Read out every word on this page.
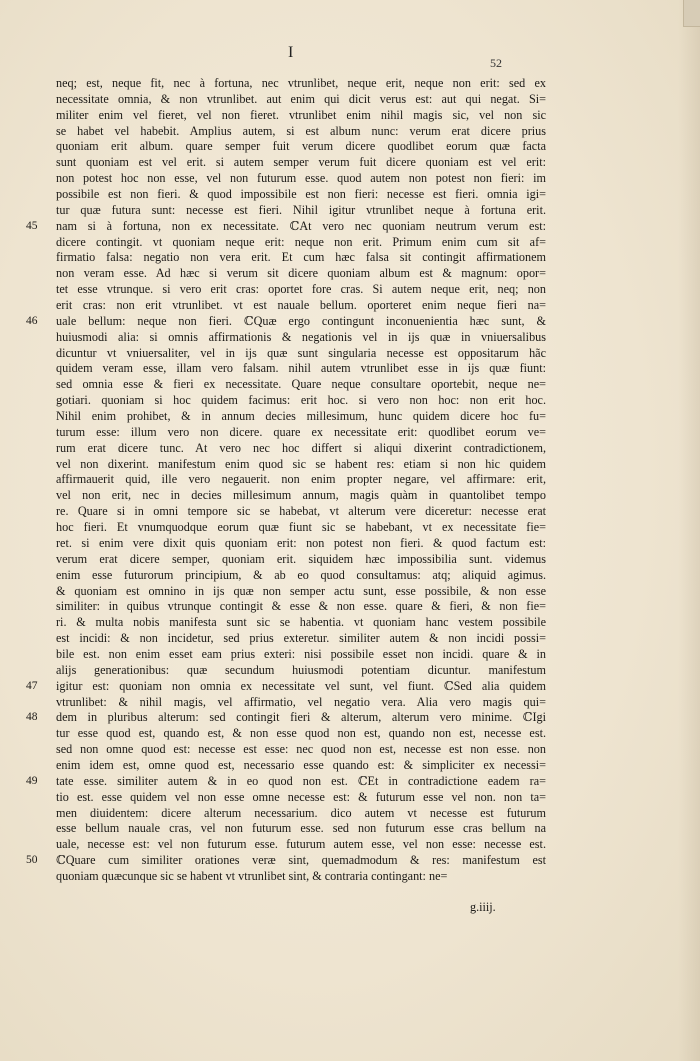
I
52
neq; est, neque fit, nec à fortuna, nec vtrunlibet, neque erit, neque non erit: sed ex
necessitate omnia, & non vtrunlibet. aut enim qui dicit verus est: aut qui negat. Si=
militer enim vel fieret, vel non fieret. vtrunlibet enim nihil magis sic, vel non sic
se habet vel habebit. Amplius autem, si est album nunc: verum erat dicere prius
quoniam erit album. quare semper fuit verum dicere quodlibet eorum quæ facta
sunt quoniam est vel erit. si autem semper verum fuit dicere quoniam est vel erit:
non potest hoc non esse, vel non futurum esse. quod autem non potest non fieri: im
possibile est non fieri. & quod impossibile est non fieri: necesse est fieri. omnia igi=
tur quæ futura sunt: necesse est fieri. Nihil igitur vtrunlibet neque à fortuna erit.
45	nam si à fortuna, non ex necessitate. ℂAt vero nec quoniam neutrum verum est:
dicere contingit. vt quoniam neque erit: neque non erit. Primum enim cum sit af=
firmatio falsa: negatio non vera erit. Et cum hæc falsa sit contingit affirmationem
non veram esse. Ad hæc si verum sit dicere quoniam album est & magnum: opor=
tet esse vtrunque. si vero erit cras: oportet fore cras. Si autem neque erit, neq; non
erit cras: non erit vtrunlibet. vt est nauale bellum. oporteret enim neque fieri na=
46	uale bellum: neque non fieri. ℂQuæ ergo contingunt inconuenientia hæc sunt, &
huiusmodi alia: si omnis affirmationis & negationis vel in ijs quæ in vniuersalibus
dicuntur vt vniuersaliter, vel in ijs quæ sunt singularia necesse est oppositarum hãc
quidem veram esse, illam vero falsam. nihil autem vtrunlibet esse in ijs quæ fiunt:
sed omnia esse & fieri ex necessitate. Quare neque consultare oportebit, neque ne=
gotiari. quoniam si hoc quidem facimus: erit hoc. si vero non hoc: non erit hoc.
Nihil enim prohibet, & in annum decies millesimum, hunc quidem dicere hoc fu=
turum esse: illum vero non dicere. quare ex necessitate erit: quodlibet eorum ve=
rum erat dicere tunc. At vero nec hoc differt si aliqui dixerint contradictionem,
vel non dixerint. manifestum enim quod sic se habent res: etiam si non hic quidem
affirmauerit quid, ille vero negauerit. non enim propter negare, vel affirmare: erit,
vel non erit, nec in decies millesimum annum, magis quàm in quantolibet tempo
re. Quare si in omni tempore sic se habebat, vt alterum vere diceretur: necesse erat
hoc fieri. Et vnumquodque eorum quæ fiunt sic se habebant, vt ex necessitate fie=
ret. si enim vere dixit quis quoniam erit: non potest non fieri. & quod factum est:
verum erat dicere semper, quoniam erit. siquidem hæc impossibilia sunt. videmus
enim esse futurorum principium, & ab eo quod consultamus: atq; aliquid agimus.
& quoniam est omnino in ijs quæ non semper actu sunt, esse possibile, & non esse
similiter: in quibus vtrunque contingit & esse & non esse. quare & fieri, & non fie=
ri. & multa nobis manifesta sunt sic se habentia. vt quoniam hanc vestem possibile
est incidi: & non incidetur, sed prius exteretur. similiter autem & non incidi possi=
bile est. non enim esset eam prius exteri: nisi possibile esset non incidi. quare & in
alijs generationibus: quæ secundum huiusmodi potentiam dicuntur. manifestum
47	igitur est: quoniam non omnia ex necessitate vel sunt, vel fiunt. ℂSed alia quidem
vtrunlibet: & nihil magis, vel affirmatio, vel negatio vera. Alia vero magis qui=
48	dem in pluribus alterum: sed contingit fieri & alterum, alterum vero minime. ℂIgi
tur esse quod est, quando est, & non esse quod non est, quando non est, necesse est.
sed non omne quod est: necesse est esse: nec quod non est, necesse est non esse. non
enim idem est, omne quod est, necessario esse quando est: & simpliciter ex necessi=
49	tate esse. similiter autem & in eo quod non est. ℂEt in contradictione eadem ra=
tio est. esse quidem vel non esse omne necesse est: & futurum esse vel non. non ta=
men diuidentem: dicere alterum necessarium. dico autem vt necesse est futurum
esse bellum nauale cras, vel non futurum esse. sed non futurum esse cras bellum na
uale, necesse est: vel non futurum esse. futurum autem esse, vel non esse: necesse est.
50	ℂQuare cum similiter orationes veræ sint, quemadmodum & res: manifestum est
quoniam quæcunque sic se habent vt vtrunlibet sint, & contraria contingant: ne=
g.iiij.
